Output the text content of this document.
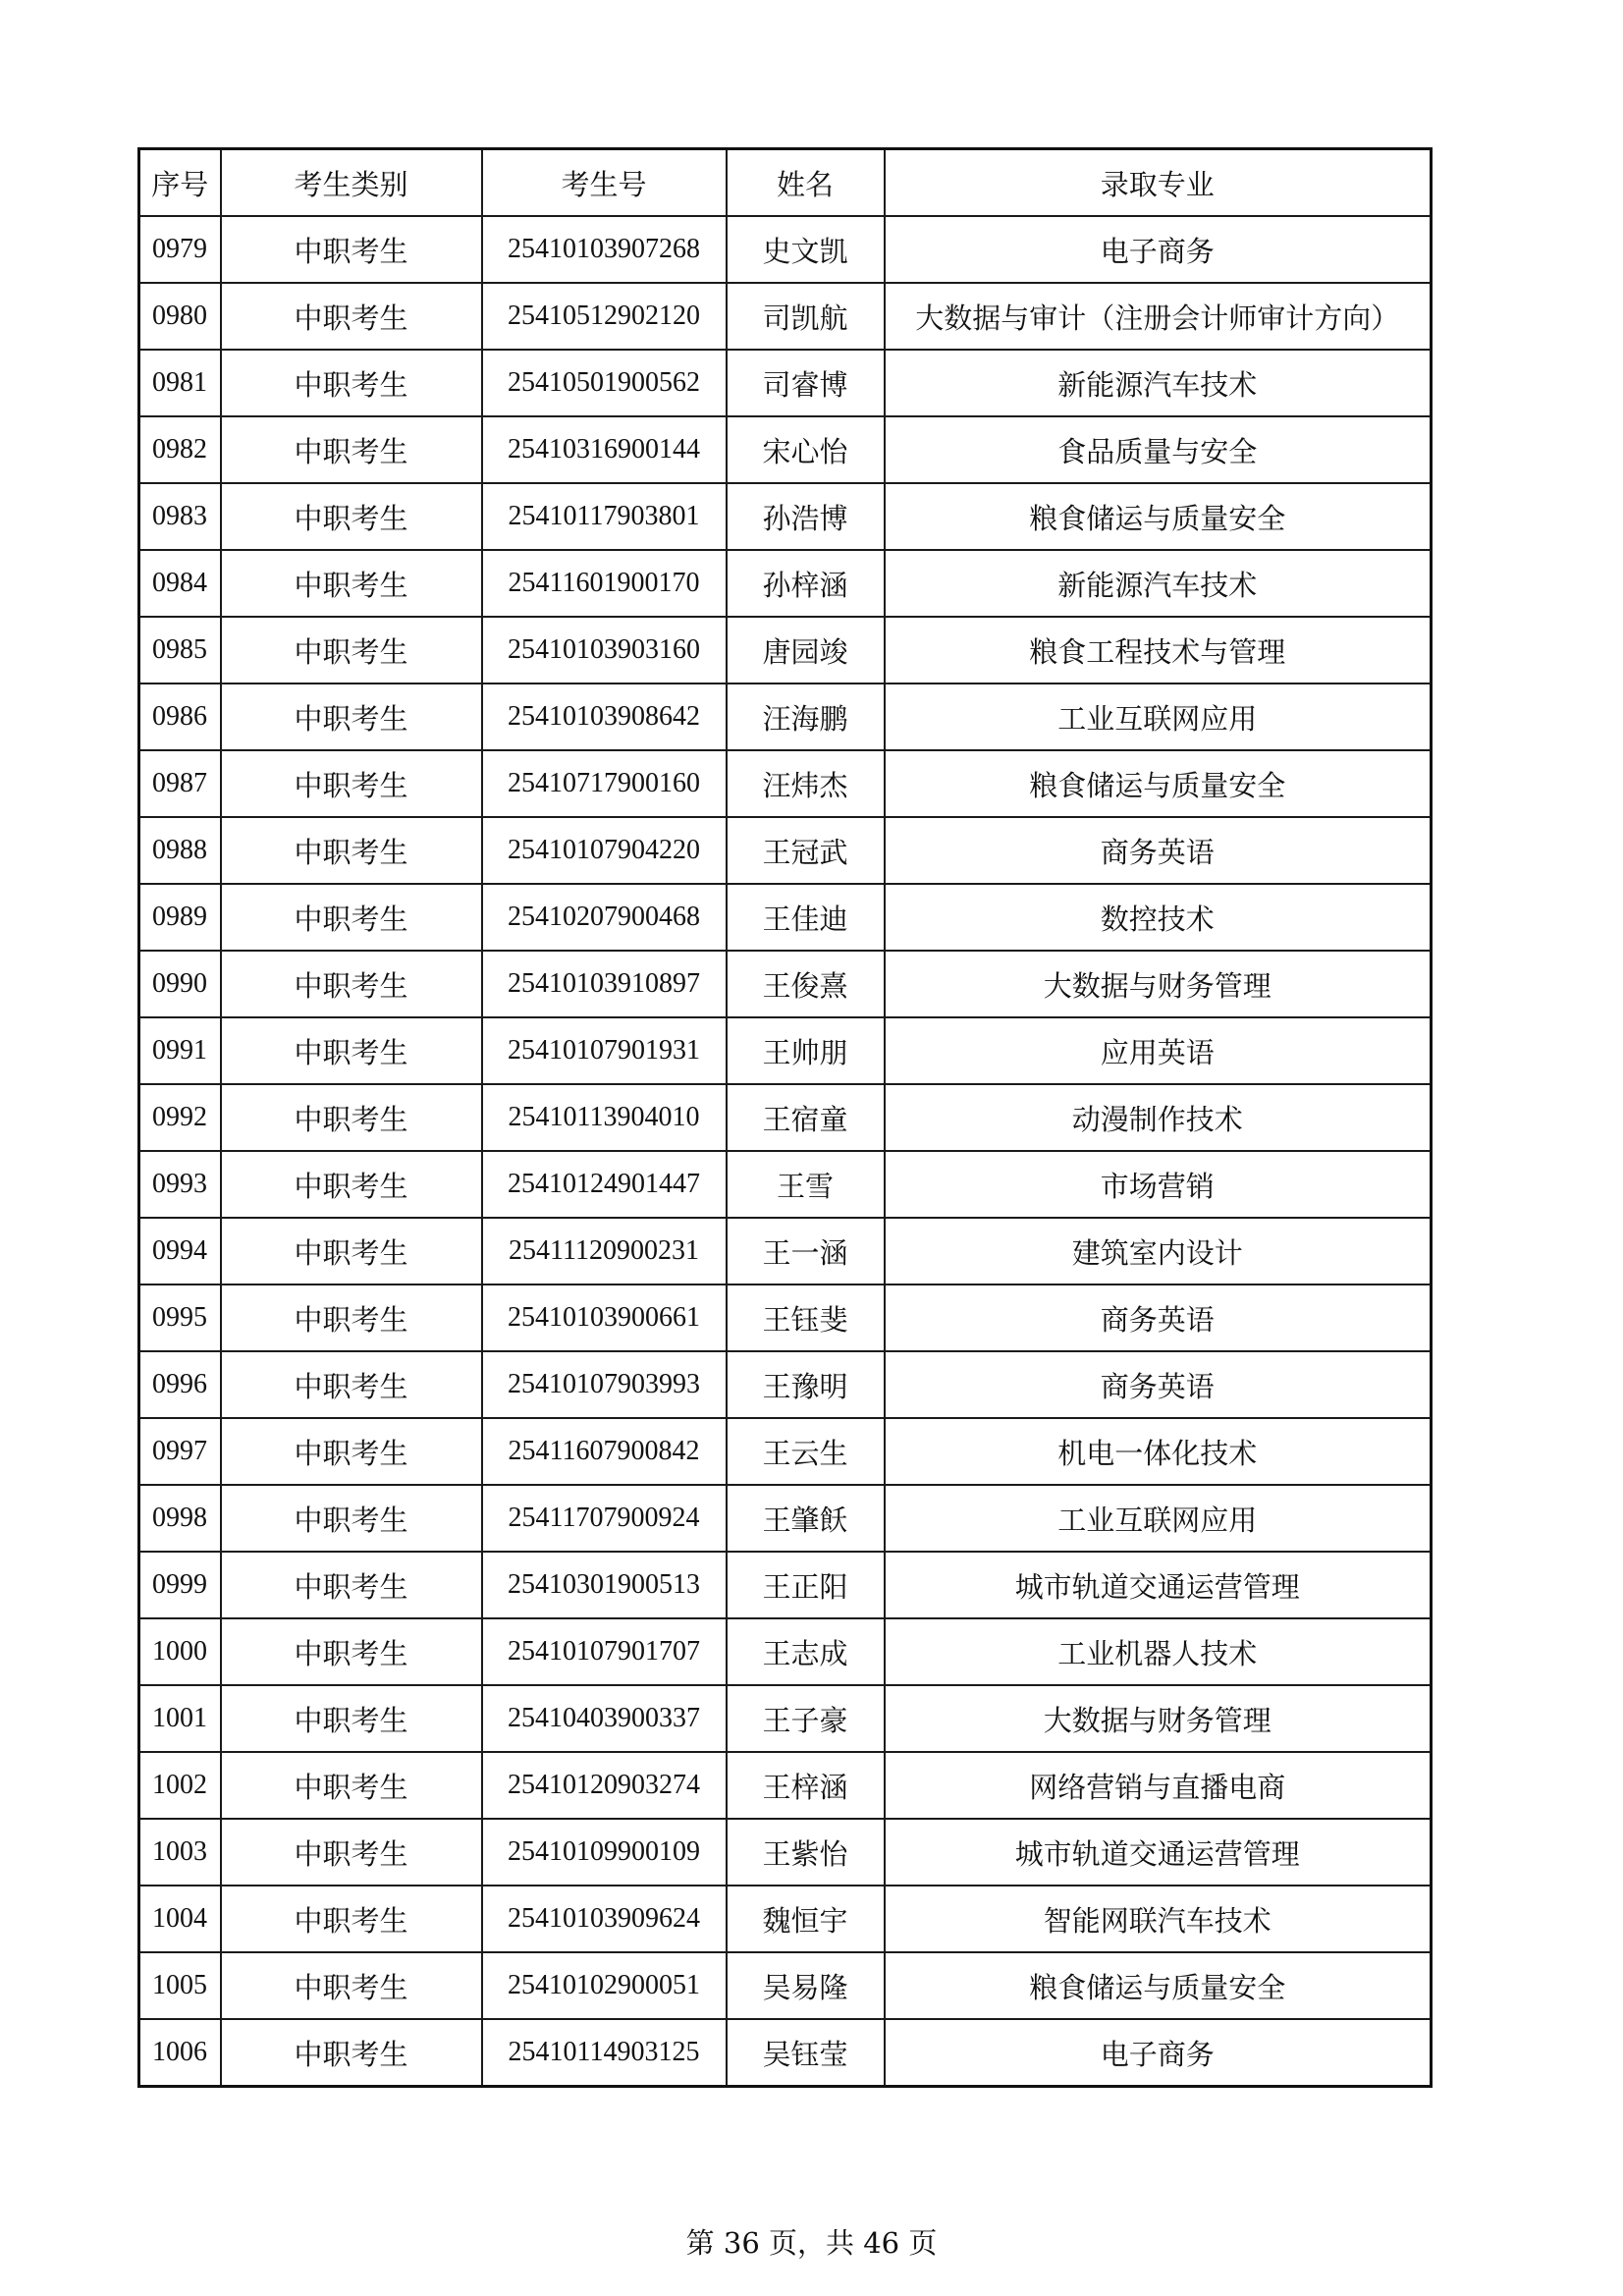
序号	考生类别	考生号	姓名	录取专业
0979	中职考生	25410103907268	史文凯	电子商务
0980	中职考生	25410512902120	司凯航	大数据与审计（注册会计师审计方向）
0981	中职考生	25410501900562	司睿博	新能源汽车技术
0982	中职考生	25410316900144	宋心怡	食品质量与安全
0983	中职考生	25410117903801	孙浩博	粮食储运与质量安全
0984	中职考生	25411601900170	孙梓涵	新能源汽车技术
0985	中职考生	25410103903160	唐园竣	粮食工程技术与管理
0986	中职考生	25410103908642	汪海鹏	工业互联网应用
0987	中职考生	25410717900160	汪炜杰	粮食储运与质量安全
0988	中职考生	25410107904220	王冠武	商务英语
0989	中职考生	25410207900468	王佳迪	数控技术
0990	中职考生	25410103910897	王俊熹	大数据与财务管理
0991	中职考生	25410107901931	王帅朋	应用英语
0992	中职考生	25410113904010	王宿童	动漫制作技术
0993	中职考生	25410124901447	王雪	市场营销
0994	中职考生	25411120900231	王一涵	建筑室内设计
0995	中职考生	25410103900661	王钰斐	商务英语
0996	中职考生	25410107903993	王豫明	商务英语
0997	中职考生	25411607900842	王云生	机电一体化技术
0998	中职考生	25411707900924	王肇飫	工业互联网应用
0999	中职考生	25410301900513	王正阳	城市轨道交通运营管理
1000	中职考生	25410107901707	王志成	工业机器人技术
1001	中职考生	25410403900337	王子豪	大数据与财务管理
1002	中职考生	25410120903274	王梓涵	网络营销与直播电商
1003	中职考生	25410109900109	王紫怡	城市轨道交通运营管理
1004	中职考生	25410103909624	魏恒宇	智能网联汽车技术
1005	中职考生	25410102900051	吴易隆	粮食储运与质量安全
1006	中职考生	25410114903125	吴钰莹	电子商务
第 36 页，共 46 页
